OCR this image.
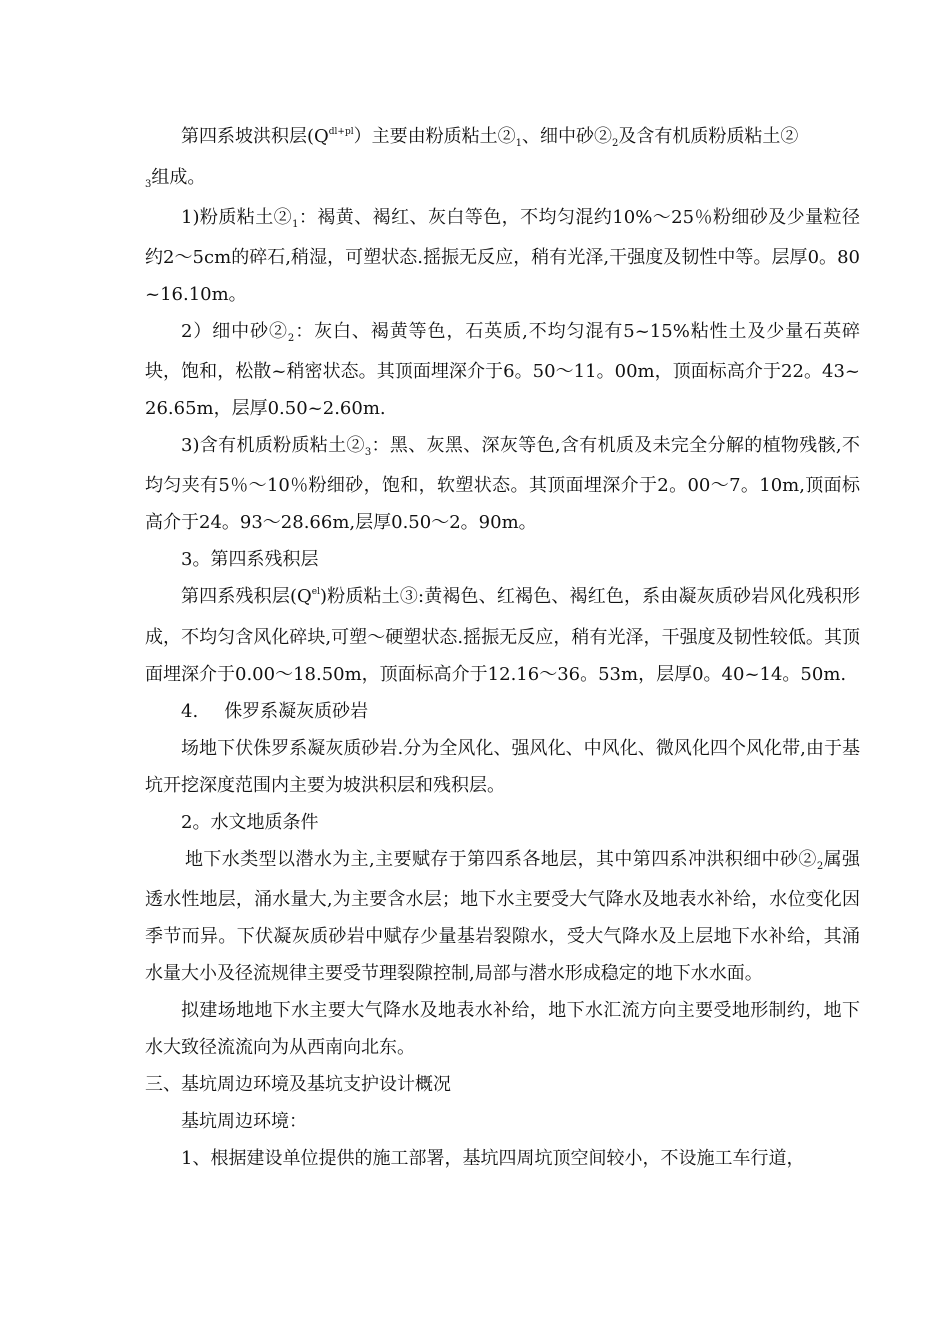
第四系坡洪积层$(Q^{dl+pl})$主要由粉质粘土$②_1$、细中砂$②_2$及含有机质粉质粘土②
$_3$组成。

1)粉质粘土$②_1$：褐黄、褐红、灰白等色，不均匀混约10%～25％粉细砂及少量粒径约2～5cm的碎石,稍湿，可塑状态.摇振无反应，稍有光泽,干强度及韧性中等。层厚0。80~16.10m。

2）细中砂$②_2$：灰白、褐黄等色，石英质,不均匀混有5~15%粘性土及少量石英碎块，饱和，松散~稍密状态。其顶面埋深介于6。50～11。00m，顶面标高介于22。43~26.65m，层厚0.50~2.60m.

3)含有机质粉质粘土$②_3$：黑、灰黑、深灰等色,含有机质及未完全分解的植物残骸,不均匀夹有5％～10％粉细砂，饱和，软塑状态。其顶面埋深介于2。00～7。10m,顶面标高介于24。93～28.66m,层厚0.50～2。90m。

3。第四系残积层

第四系残积层$(Q^{el})$粉质粘土③:黄褐色、红褐色、褐红色，系由凝灰质砂岩风化残积形成，不均匀含风化碎块,可塑～硬塑状态.摇振无反应，稍有光泽，干强度及韧性较低。其顶面埋深介于0.00～18.50m，顶面标高介于12.16～36。53m，层厚0。40~14。50m.

4. 侏罗系凝灰质砂岩

场地下伏侏罗系凝灰质砂岩.分为全风化、强风化、中风化、微风化四个风化带,由于基坑开挖深度范围内主要为坡洪积层和残积层。

2。水文地质条件

地下水类型以潜水为主,主要赋存于第四系各地层，其中第四系冲洪积细中砂$②_2$属强透水性地层，涌水量大,为主要含水层；地下水主要受大气降水及地表水补给，水位变化因季节而异。下伏凝灰质砂岩中赋存少量基岩裂隙水，受大气降水及上层地下水补给，其涌水量大小及径流规律主要受节理裂隙控制,局部与潜水形成稳定的地下水水面。

拟建场地地下水主要大气降水及地表水补给，地下水汇流方向主要受地形制约，地下水大致径流流向为从西南向北东。

三、基坑周边环境及基坑支护设计概况

基坑周边环境：

1、根据建设单位提供的施工部署，基坑四周坑顶空间较小，不设施工车行道，
